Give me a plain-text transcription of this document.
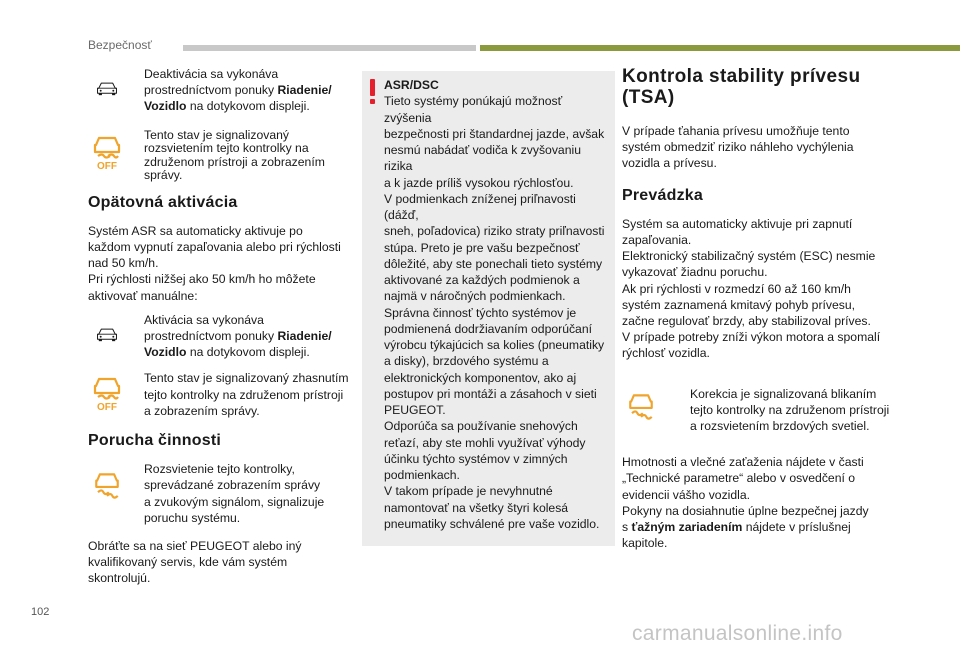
Bezpečnosť
Deaktivácia sa vykonáva
prostredníctvom ponuky Riadenie/
Vozidlo na dotykovom displeji.
OFF
Tento stav je signalizovaný
rozsvietením tejto kontrolky na
združenom prístroji a zobrazením
správy.
Opätovná aktivácia

Systém ASR sa automaticky aktivuje po
každom vypnutí zapaľovania alebo pri rýchlosti
nad 50 km/h.
Pri rýchlosti nižšej ako 50 km/h ho môžete
aktivovať manuálne:

Aktivácia sa vykonáva
prostredníctvom ponuky Riadenie/
Vozidlo na dotykovom displeji.
OFF
Tento stav je signalizovaný zhasnutím
tejto kontrolky na združenom prístroji
a zobrazením správy.
Porucha činnosti
Rozsvietenie tejto kontrolky,
sprevádzané zobrazením správy
a zvukovým signálom, signalizuje
poruchu systému.

Obráťte sa na sieť PEUGEOT alebo iný
kvalifikovaný servis, kde vám systém
skontrolujú.

ASR/DSC
Tieto systémy ponúkajú možnosť zvýšenia
bezpečnosti pri štandardnej jazde, avšak
nesmú nabádať vodiča k zvyšovaniu rizika
a k jazde príliš vysokou rýchlosťou.
V podmienkach zníženej priľnavosti (dážď,
sneh, poľadovica) riziko straty priľnavosti
stúpa. Preto je pre vašu bezpečnosť
dôležité, aby ste ponechali tieto systémy
aktivované za každých podmienok a
najmä v náročných podmienkach.
Správna činnosť týchto systémov je
podmienená dodržiavaním odporúčaní
výrobcu týkajúcich sa kolies (pneumatiky
a disky), brzdového systému a
elektronických komponentov, ako aj
postupov pri montáži a zásahoch v sieti
PEUGEOT.
Odporúča sa používanie snehových
reťazí, aby ste mohli využívať výhody
účinku týchto systémov v zimných
podmienkach.
V takom prípade je nevyhnutné
namontovať na všetky štyri kolesá
pneumatiky schválené pre vaše vozidlo.
Kontrola stability prívesu
(TSA)

V prípade ťahania prívesu umožňuje tento
systém obmedziť riziko náhleho vychýlenia
vozidla a prívesu.

Prevádzka

Systém sa automaticky aktivuje pri zapnutí
zapaľovania.
Elektronický stabilizačný systém (ESC) nesmie
vykazovať žiadnu poruchu.
Ak pri rýchlosti v rozmedzí 60 až 160 km/h
systém zaznamená kmitavý pohyb prívesu,
začne regulovať brzdy, aby stabilizoval príves.
V prípade potreby zníži výkon motora a spomalí
rýchlosť vozidla.

Korekcia je signalizovaná blikaním
tejto kontrolky na združenom prístroji
a rozsvietením brzdových svetiel.

Hmotnosti a vlečné zaťaženia nájdete v časti
„Technické parametre“ alebo v osvedčení o
evidencii vášho vozidla.
Pokyny na dosiahnutie úplne bezpečnej jazdy
s ťažným zariadením nájdete v príslušnej
kapitole.

102
carmanualsonline.info
